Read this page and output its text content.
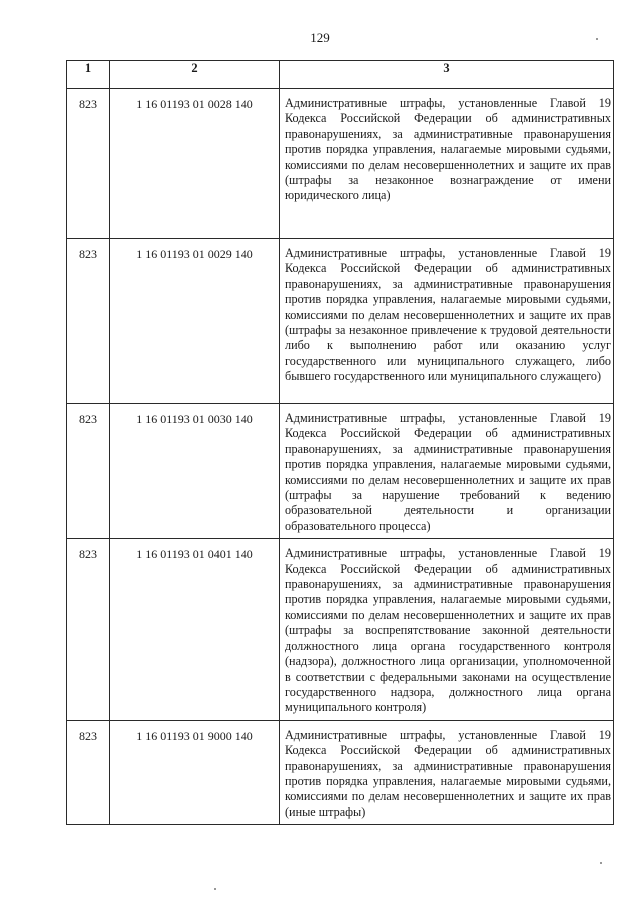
129
1	2	3
823	1 16 01193 01 0028 140	Административные штрафы, установленные Главой 19 Кодекса Российской Федерации об административных правонарушениях, за административные правонарушения против порядка управления, налагаемые мировыми судьями, комиссиями по делам несовершеннолетних и защите их прав (штрафы за незаконное вознаграждение от имени юридического лица)
823	1 16 01193 01 0029 140	Административные штрафы, установленные Главой 19 Кодекса Российской Федерации об административных правонарушениях, за административные правонарушения против порядка управления, налагаемые мировыми судьями, комиссиями по делам несовершеннолетних и защите их прав (штрафы за незаконное привлечение к трудовой деятельности либо к выполнению работ или оказанию услуг государственного или муниципального служащего, либо бывшего государственного или муниципального служащего)
823	1 16 01193 01 0030 140	Административные штрафы, установленные Главой 19 Кодекса Российской Федерации об административных правонарушениях, за административные правонарушения против порядка управления, налагаемые мировыми судьями, комиссиями по делам несовершеннолетних и защите их прав (штрафы за нарушение требований к ведению образовательной деятельности и организации образовательного процесса)
823	1 16 01193 01 0401 140	Административные штрафы, установленные Главой 19 Кодекса Российской Федерации об административных правонарушениях, за административные правонарушения против порядка управления, налагаемые мировыми судьями, комиссиями по делам несовершеннолетних и защите их прав (штрафы за воспрепятствование законной деятельности должностного лица органа государственного контроля (надзора), должностного лица организации, уполномоченной в соответствии с федеральными законами на осуществление государственного надзора, должностного лица органа муниципального контроля)
823	1 16 01193 01 9000 140	Административные штрафы, установленные Главой 19 Кодекса Российской Федерации об административных правонарушениях, за административные правонарушения против порядка управления, налагаемые мировыми судьями, комиссиями по делам несовершеннолетних и защите их прав (иные штрафы)
